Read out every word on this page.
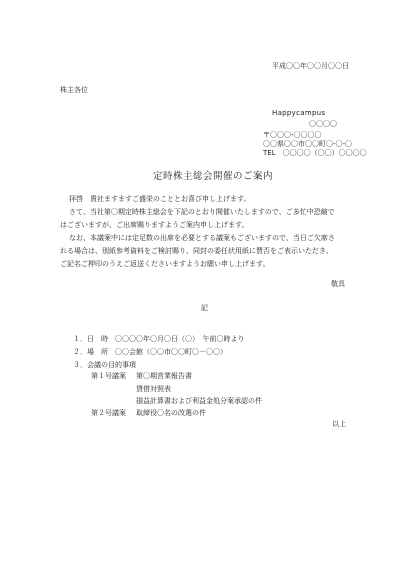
平成〇〇年〇〇月〇〇日
株主各位
Happycampus
〇〇〇〇
〒〇〇〇-〇〇〇〇
〇〇県〇〇市〇〇町〇-〇-〇
TEL　〇〇〇〇（〇〇）〇〇〇〇
定時株主総会開催のご案内
拝啓　貴社ますますご盛栄のこととお喜び申し上げます。
さて、当社第〇期定時株主総会を下記のとおり開催いたしますので、ご多忙中恐縮で
はございますが、ご出席賜りますようご案内申し上げます。
なお、本議案中には定足数の出席を必要とする議案もございますので、当日ご欠席さ
れる場合は、別紙参考資料をご検討賜り、同封の委任状用紙に賛否をご表示いただき、
ご記名ご押印のうえご返送くださいますようお願い申し上げます。
敬具
記
１．日　時　〇〇〇〇年〇月〇日（〇）　午前〇時より
２．場　所　〇〇会館（〇〇市〇〇町〇－〇〇）
３．会議の目的事項
第１号議案 第〇期営業報告書
貸借対照表
損益計算書および利益金処分案承認の件
第２号議案 取締役〇名の改選の件
以上
